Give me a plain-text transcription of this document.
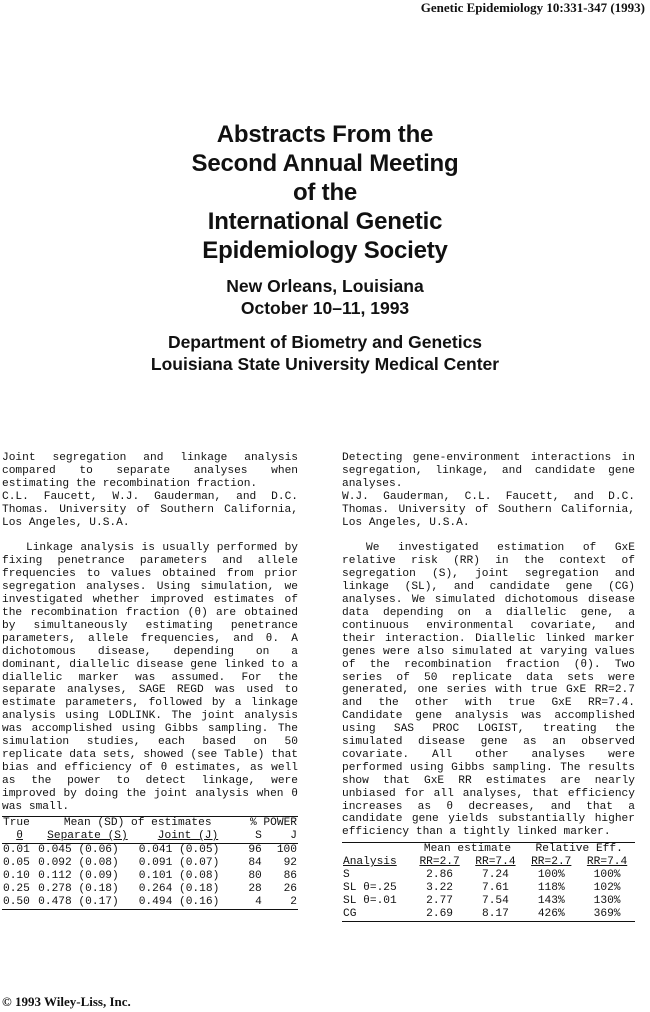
Genetic Epidemiology 10:331-347 (1993)
Abstracts From the
Second Annual Meeting
of the
International Genetic
Epidemiology Society
New Orleans, Louisiana
October 10–11, 1993
Department of Biometry and Genetics
Louisiana State University Medical Center

Joint segregation and linkage analysis compared to separate analyses when estimating the recombination fraction.

C.L. Faucett, W.J. Gauderman, and D.C. Thomas. University of Southern California, Los Angeles, U.S.A.

Linkage analysis is usually performed by fixing penetrance parameters and allele frequencies to values obtained from prior segregation analyses. Using simulation, we investigated whether improved estimates of the recombination fraction (θ) are obtained by simultaneously estimating penetrance parameters, allele frequencies, and θ. A dichotomous disease, depending on a dominant, diallelic disease gene linked to a diallelic marker was assumed. For the separate analyses, SAGE REGD was used to estimate parameters, followed by a linkage analysis using LODLINK. The joint analysis was accomplished using Gibbs sampling. The simulation studies, each based on 50 replicate data sets, showed (see Table) that bias and efficiency of θ estimates, as well as the power to detect linkage, were improved by doing the joint analysis when θ was small.

True	Mean (SD) of estimates		% POWER	
θ	Separate (S)	Joint (J)	S	J
0.01	0.045 (0.06)	0.041 (0.05)	96	100
0.05	0.092 (0.08)	0.091 (0.07)	84	92
0.10	0.112 (0.09)	0.101 (0.08)	80	86
0.25	0.278 (0.18)	0.264 (0.18)	28	26
0.50	0.478 (0.17)	0.494 (0.16)	4	2

Detecting gene-environment interactions in segregation, linkage, and candidate gene analyses.

W.J. Gauderman, C.L. Faucett, and D.C. Thomas. University of Southern California, Los Angeles, U.S.A.

We investigated estimation of GxE relative risk (RR) in the context of segregation (S), joint segregation and linkage (SL), and candidate gene (CG) analyses. We simulated dichotomous disease data depending on a diallelic gene, a continuous environmental covariate, and their interaction. Diallelic linked marker genes were also simulated at varying values of the recombination fraction (θ). Two series of 50 replicate data sets were generated, one series with true GxE RR=2.7 and the other with true GxE RR=7.4. Candidate gene analysis was accomplished using SAS PROC LOGIST, treating the simulated disease gene as an observed covariate. All other analyses were performed using Gibbs sampling. The results show that GxE RR estimates are nearly unbiased for all analyses, that efficiency increases as θ decreases, and that a candidate gene yields substantially higher efficiency than a tightly linked marker.

	Mean estimate		Relative Eff.	
Analysis	RR=2.7	RR=7.4	RR=2.7	RR=7.4
S	2.86	7.24	100%	100%
SL θ=.25	3.22	7.61	118%	102%
SL θ=.01	2.77	7.54	143%	130%
CG	2.69	8.17	426%	369%
© 1993 Wiley-Liss, Inc.
